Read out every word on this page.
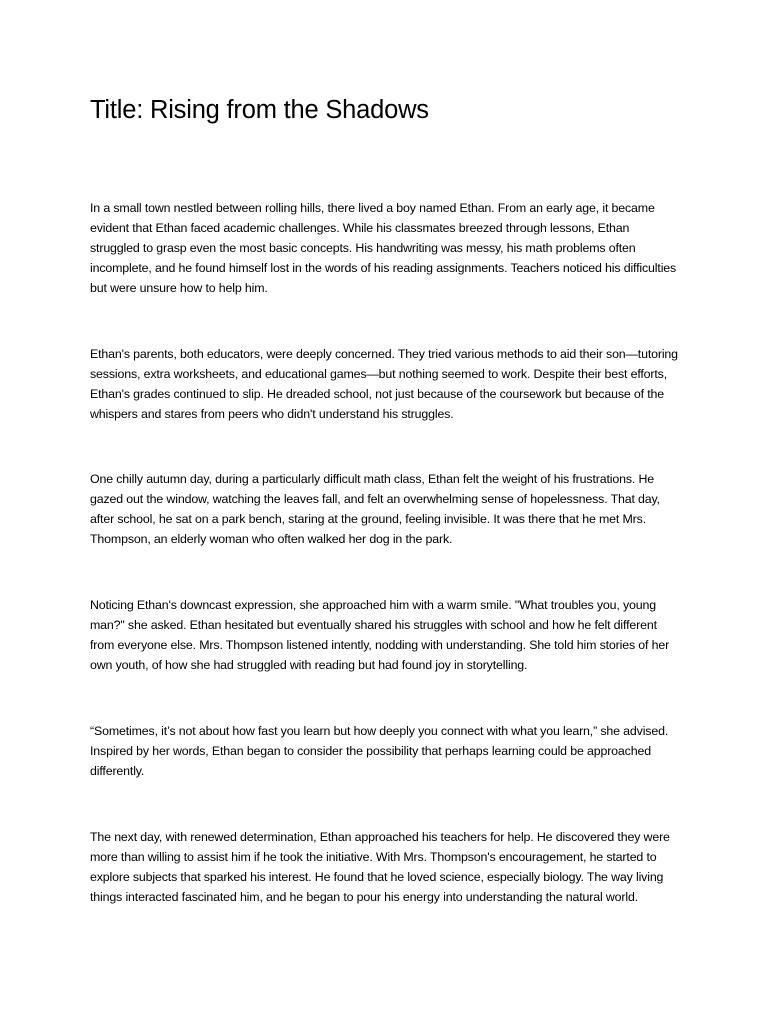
Title: Rising from the Shadows

In a small town nestled between rolling hills, there lived a boy named Ethan. From an early age, it became evident that Ethan faced academic challenges. While his classmates breezed through lessons, Ethan struggled to grasp even the most basic concepts. His handwriting was messy, his math problems often incomplete, and he found himself lost in the words of his reading assignments. Teachers noticed his difficulties but were unsure how to help him.

Ethan's parents, both educators, were deeply concerned. They tried various methods to aid their son—tutoring sessions, extra worksheets, and educational games—but nothing seemed to work. Despite their best efforts, Ethan's grades continued to slip. He dreaded school, not just because of the coursework but because of the whispers and stares from peers who didn't understand his struggles.

One chilly autumn day, during a particularly difficult math class, Ethan felt the weight of his frustrations. He gazed out the window, watching the leaves fall, and felt an overwhelming sense of hopelessness. That day, after school, he sat on a park bench, staring at the ground, feeling invisible. It was there that he met Mrs. Thompson, an elderly woman who often walked her dog in the park.

Noticing Ethan's downcast expression, she approached him with a warm smile. "What troubles you, young man?" she asked. Ethan hesitated but eventually shared his struggles with school and how he felt different from everyone else. Mrs. Thompson listened intently, nodding with understanding. She told him stories of her own youth, of how she had struggled with reading but had found joy in storytelling.

“Sometimes, it’s not about how fast you learn but how deeply you connect with what you learn,” she advised. Inspired by her words, Ethan began to consider the possibility that perhaps learning could be approached differently.

The next day, with renewed determination, Ethan approached his teachers for help. He discovered they were more than willing to assist him if he took the initiative. With Mrs. Thompson's encouragement, he started to explore subjects that sparked his interest. He found that he loved science, especially biology. The way living things interacted fascinated him, and he began to pour his energy into understanding the natural world.
